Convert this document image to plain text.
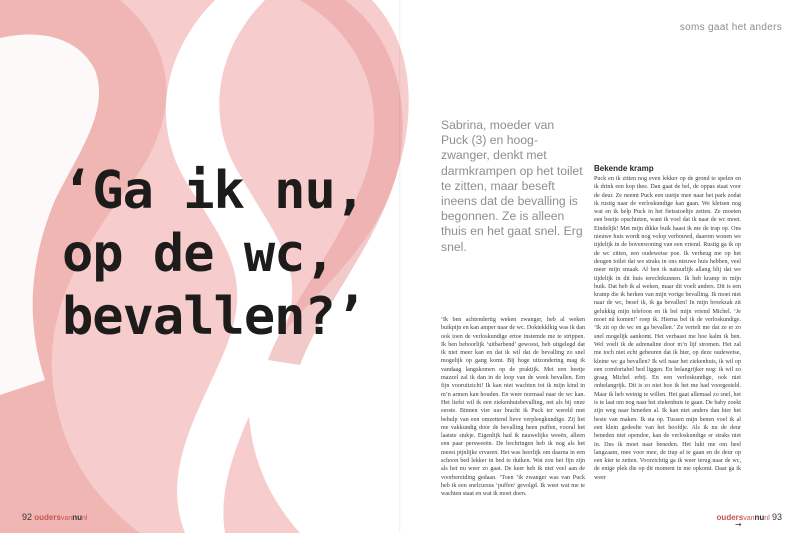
‘Ga ik nu,
op de wc,
bevallen?’
soms gaat het anders

Sabrina, moeder van Puck (3) en hoog-zwanger, denkt met darmkrampen op het toilet te zitten, maar beseft ineens dat de bevalling is begonnen. Ze is alleen thuis en het gaat snel. Erg snel.

‘Ik ben achtendertig weken zwanger, heb al weken buikpijn en kan amper naar de wc. Doktekklkig was ik dan ook toen de verloskundige ertoe instemde me te strippen. Ik ben behoorlijk ‘uitbarbend’ gewoest, heb uitgelegd dat ik niet meer kan en dat ik wil dat de bevalling zo snel mogelijk op gang komt. Bij hoge uitzondering mag ik vandaag langskomen op de praktijk. Met een beetje mazzel zal ik dan in de loop van de week bevallen. Een fijn vooruitzicht! Ik kan niet wachten tot ik mijn kind in m’n armen kan houden. En weer normaal naar de wc kan. Het liefst wil ik een ziekenhuisbevalling, net als bij onze eerste. Binnen vier uur bracht ik Puck ter wereld met behulp van een omzettend lieve verpleegkundige. Zij liet me vakkundig door de bevalling heen puffen, vooral het laatste stukje. Eigenlijk had ik nauwelijks weeën, alleen een paar persweeën. De bechringen heb ik nog als het meest pijnlijke ervaren. Het was heerlijk om daarna in een schoon bed lekker in bed te duiken. Wat zou het fijn zijn als het nu weer zo gaat. De keer heb ik niet veel aan de voorbereiding gedaan. ‘Toen ’ik zwanger was van Puck heb ik een snelcursus ‘puffen’ gevolgd. Ik weet wat me te wachten staat en wat ik moet doen.

Bekende kramp
Puck en ik zitten nog even lekker op de grond te spelen en ik drink een kop thee. Dan gaat de bel, de oppas staat voor de deur. Ze neemt Puck een uurtje mee naar het park zodat ik rustig naar de verloskundige kan gaan. We kletsen nog wat en ik help Puck in het fietsstoeltje zetten. Ze moeten een beetje opschieten, want ik voel dat ik naar de wc moet. Eindelijk! Met mijn dikke buik haast ik me de trap op. Ons nieuwe huis wordt nog volop verbouwd, daarom wonen we tijdelijk in de bovenwoning van een vriend. Rustig ga ik op de wc zitten, een oudewetse poe. Ik verheug me op het deugen toilet dat we straks in ons nieuwe huis hebben, veel meer mijn smaak. Al ben ik natuurlijk allang blij dat we tijdelijk in dit huis terechtkunnen. Ik heb kramp in mijn buik. Dat heb ik al weken, maar dit voelt anders. Dit is een kramp die ik herken van mijn vorige bevalling. Ik moet niet naar de wc, besef ik, ik ga bevallen! In mijn broekzak zit gelukkig mijn telefoon en ik bel mijn vriend Michel. ‘Je moet nú komen!’ roep ik. Hierna bel ik de verloskundige. ‘Ik zit op de wc en ga bevallen.’ Ze vertelt me dat ze er zo snel mogelijk aankomt. Het verbaast me hoe kalm ik ben. Wel voelt ik de adrenaline door m’n lijf stromen. Het zal me toch niet echt gebeuren dat ik hier, op deze oudewetse, kleine wc ga bevallen? Ik wil naar het ziekenhuis, ik wil op een comfortabel bed liggen. En belangrijker nog: ik wil zo graag Michel erbij. En een verloskundige, ook niet onbelangrijk. Dit is zo niet hoe ik het me had voorgesteld. Maar ik heb weinig te willen. Het gaat allemaal zo snel, het is te laat om nog naar het ziekenhuis te gaan. De baby zoekt zijn weg naar beneden al. Ik kan niet anders dan hier het beste van maken. Ik sta op. Tussen mijn benen voel ik al een klein gedeelte van het hoofdje. Als ik nu de deur beneden niet opendoe, kan de verloskundige er straks niet in. Dus ik moet naar beneden. Het lukt me om heel langzaam, mee voor mee, de trap af te gaan en de deur op een kier te zetten. Voorzichtig ga ik weer terug naar de wc, de enige plek die op dit moment in me opkomt. Daar ga ik weer
92 oudersvannunl	oudersvannunl 93
➞
